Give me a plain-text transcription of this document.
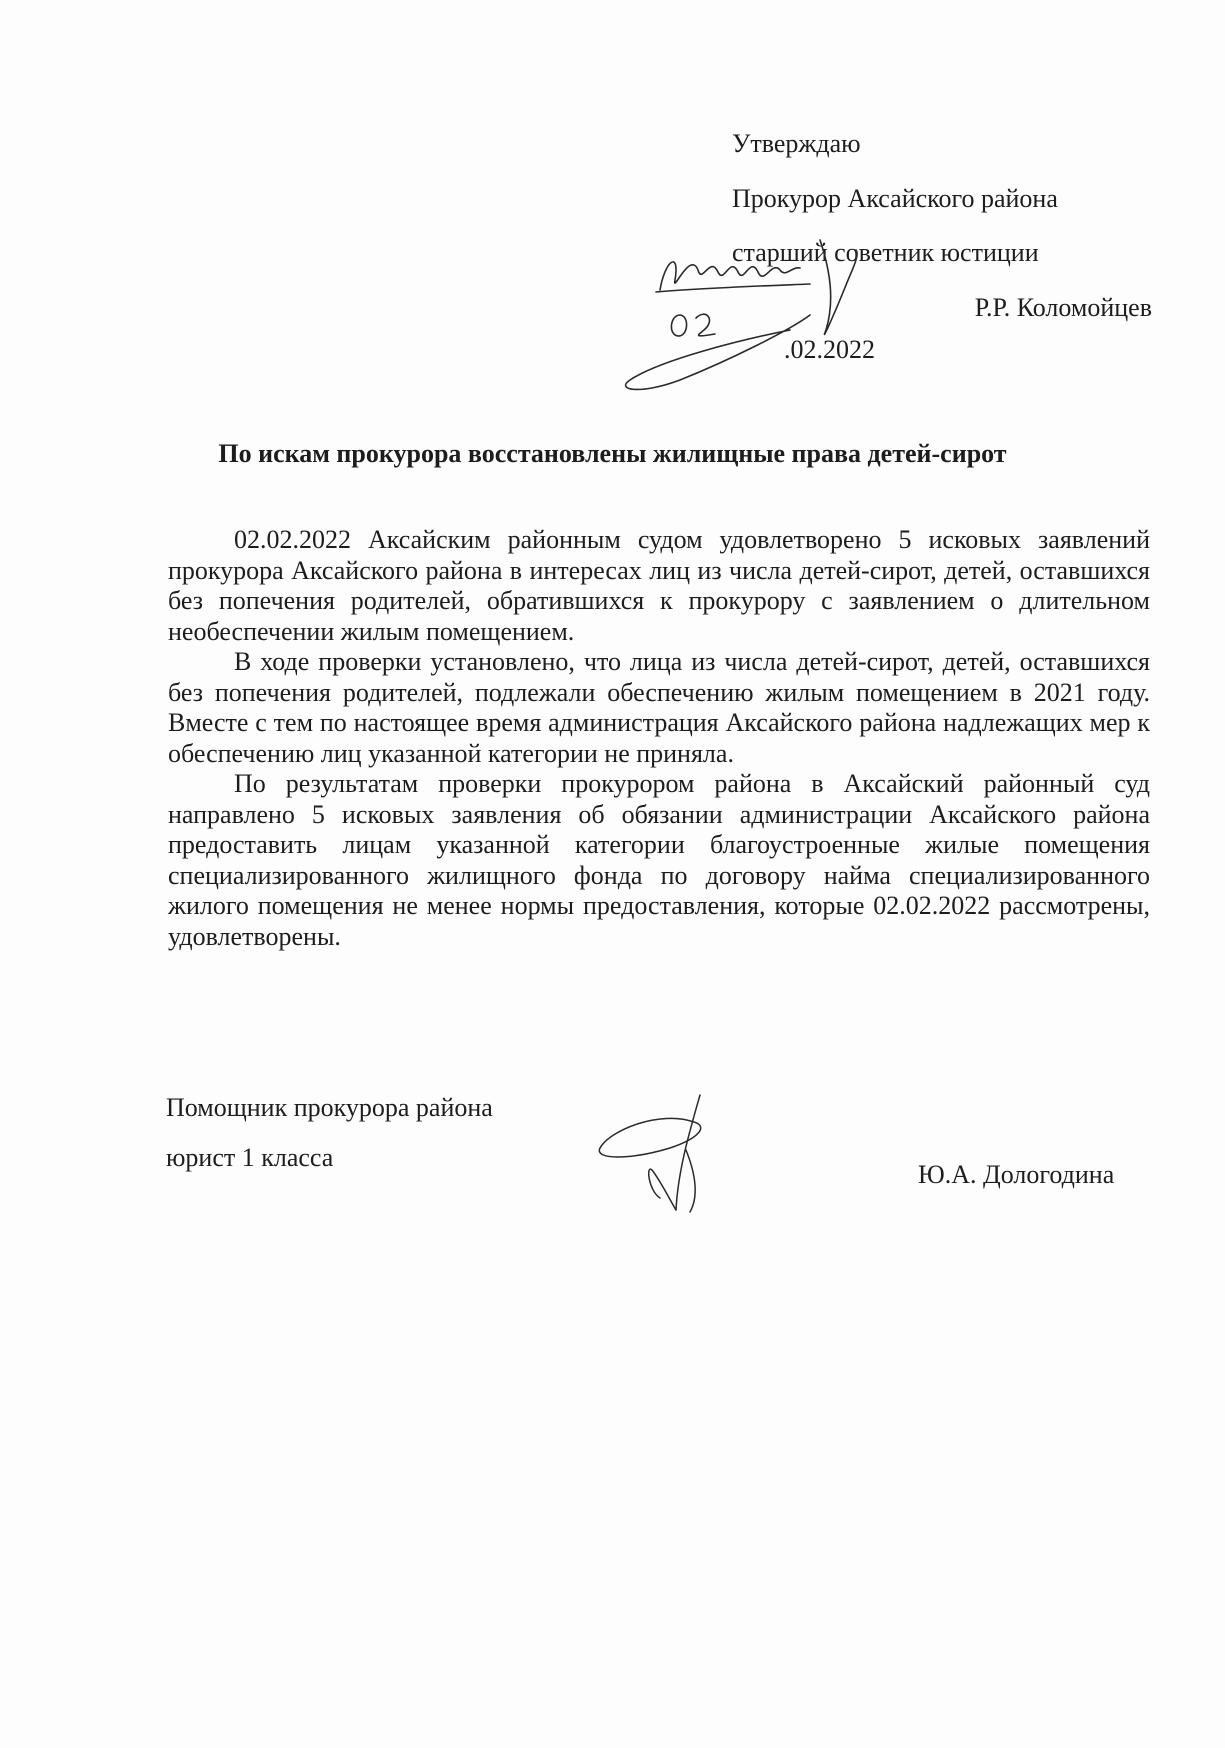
Утверждаю
Прокурор Аксайского района
старший советник юстиции
Р.Р. Коломойцев
.02.2022
02
По искам прокурора восстановлены жилищные права детей-сирот

02.02.2022 Аксайским районным судом удовлетворено 5 исковых заявлений прокурора Аксайского района в интересах лиц из числа детей-сирот, детей, оставшихся без попечения родителей, обратившихся к прокурору с заявлением о длительном необеспечении жилым помещением.

В ходе проверки установлено, что лица из числа детей-сирот, детей, оставшихся без попечения родителей, подлежали обеспечению жилым помещением в 2021 году. Вместе с тем по настоящее время администрация Аксайского района надлежащих мер к обеспечению лиц указанной категории не приняла.

По результатам проверки прокурором района в Аксайский районный суд направлено 5 исковых заявления об обязании администрации Аксайского района предоставить лицам указанной категории благоустроенные жилые помещения специализированного жилищного фонда по договору найма специализированного жилого помещения не менее нормы предоставления, которые 02.02.2022 рассмотрены, удовлетворены.

Помощник прокурора района
юрист 1 класса
Ю.А. Дологодина
